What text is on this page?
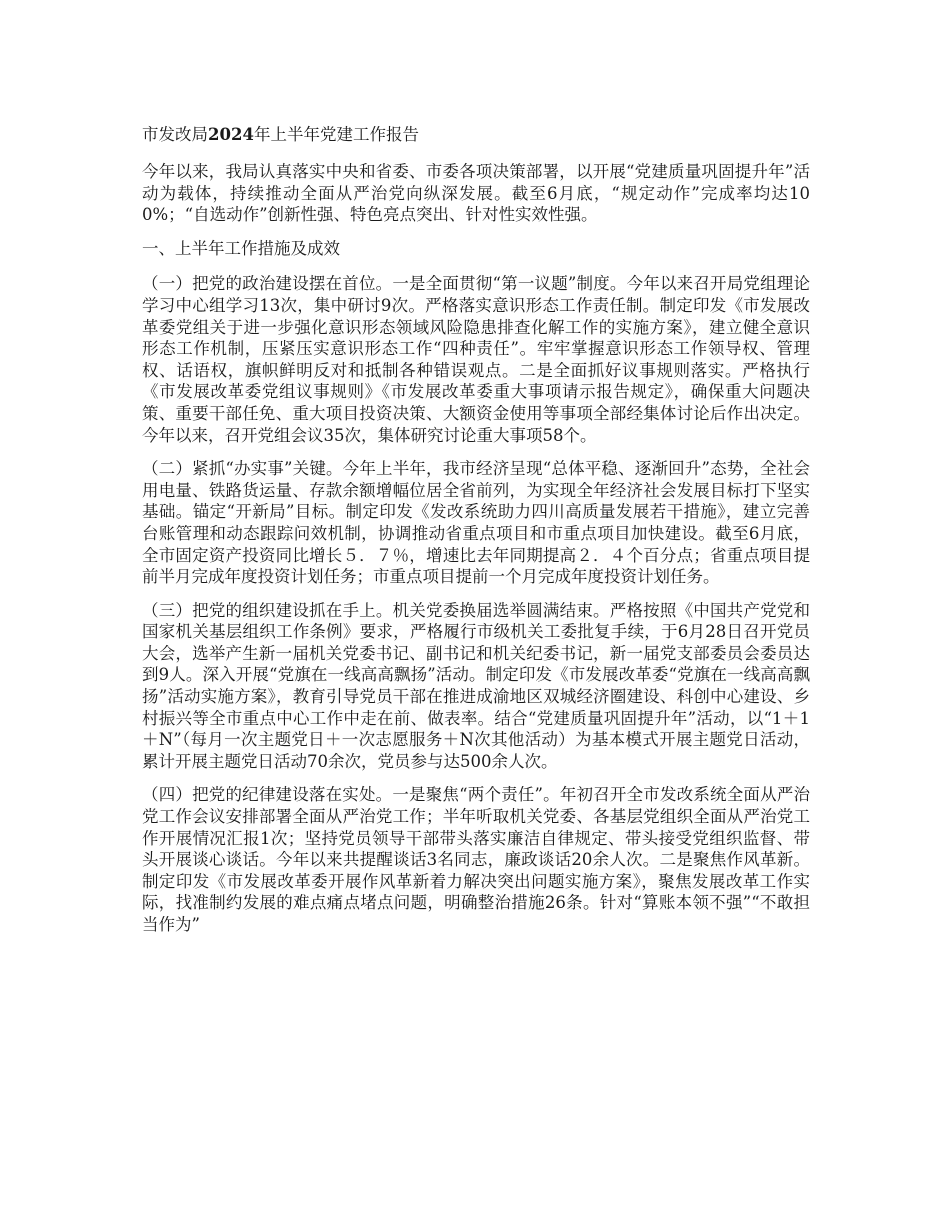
市发改局2024年上半年党建工作报告

今年以来，我局认真落实中央和省委、市委各项决策部署，以开展“党建质量巩固提升年”活动为载体，持续推动全面从严治党向纵深发展。截至6月底，“规定动作”完成率均达100%；“自选动作”创新性强、特色亮点突出、针对性实效性强。

一、上半年工作措施及成效

（一）把党的政治建设摆在首位。一是全面贯彻“第一议题”制度。今年以来召开局党组理论学习中心组学习13次，集中研讨9次。严格落实意识形态工作责任制。制定印发《市发展改革委党组关于进一步强化意识形态领域风险隐患排查化解工作的实施方案》，建立健全意识形态工作机制，压紧压实意识形态工作“四种责任”。牢牢掌握意识形态工作领导权、管理权、话语权，旗帜鲜明反对和抵制各种错误观点。二是全面抓好议事规则落实。严格执行《市发展改革委党组议事规则》《市发展改革委重大事项请示报告规定》，确保重大问题决策、重要干部任免、重大项目投资决策、大额资金使用等事项全部经集体讨论后作出决定。今年以来，召开党组会议35次，集体研究讨论重大事项58个。

（二）紧抓“办实事”关键。今年上半年，我市经济呈现“总体平稳、逐渐回升”态势，全社会用电量、铁路货运量、存款余额增幅位居全省前列，为实现全年经济社会发展目标打下坚实基础。锚定“开新局”目标。制定印发《发改系统助力四川高质量发展若干措施》，建立完善台账管理和动态跟踪问效机制，协调推动省重点项目和市重点项目加快建设。截至6月底，全市固定资产投资同比增长５．７％，增速比去年同期提高２．４个百分点；省重点项目提前半月完成年度投资计划任务；市重点项目提前一个月完成年度投资计划任务。

（三）把党的组织建设抓在手上。机关党委换届选举圆满结束。严格按照《中国共产党党和国家机关基层组织工作条例》要求，严格履行市级机关工委批复手续，于6月28日召开党员大会，选举产生新一届机关党委书记、副书记和机关纪委书记，新一届党支部委员会委员达到9人。深入开展“党旗在一线高高飘扬”活动。制定印发《市发展改革委“党旗在一线高高飘扬”活动实施方案》，教育引导党员干部在推进成渝地区双城经济圈建设、科创中心建设、乡村振兴等全市重点中心工作中走在前、做表率。结合“党建质量巩固提升年”活动，以“1＋1＋N”（每月一次主题党日＋一次志愿服务＋N次其他活动）为基本模式开展主题党日活动，累计开展主题党日活动70余次，党员参与达500余人次。

（四）把党的纪律建设落在实处。一是聚焦“两个责任”。年初召开全市发改系统全面从严治党工作会议安排部署全面从严治党工作；半年听取机关党委、各基层党组织全面从严治党工作开展情况汇报1次；坚持党员领导干部带头落实廉洁自律规定、带头接受党组织监督、带头开展谈心谈话。今年以来共提醒谈话3名同志，廉政谈话20余人次。二是聚焦作风革新。制定印发《市发展改革委开展作风革新着力解决突出问题实施方案》，聚焦发展改革工作实际，找准制约发展的难点痛点堵点问题，明确整治措施26条。针对“算账本领不强”“不敢担当作为”
